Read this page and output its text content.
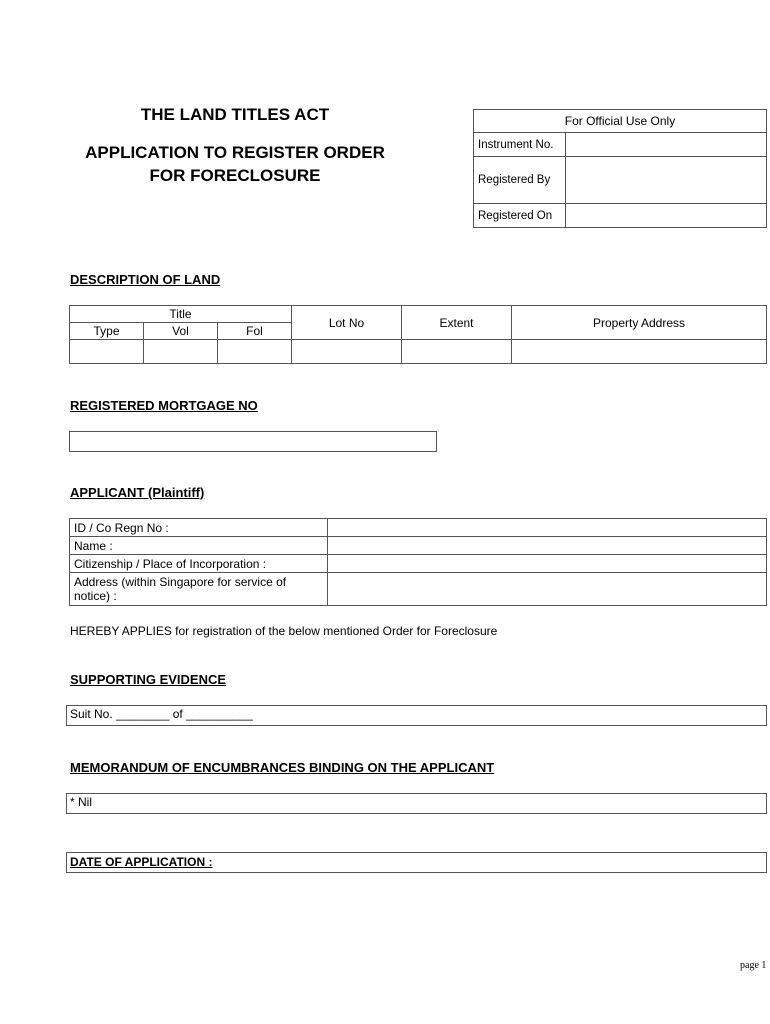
THE LAND TITLES ACT
APPLICATION TO REGISTER ORDER
FOR FORECLOSURE
For Official Use Only	
Instrument No.	
Registered By	
Registered On	
DESCRIPTION OF LAND
Title			Lot No	Extent	Property Address
Type	Vol	Fol			

REGISTERED MORTGAGE NO
APPLICANT (Plaintiff)
ID / Co Regn No :	
Name :	
Citizenship / Place of Incorporation :	
Address (within Singapore for service of notice) :	
HEREBY APPLIES for registration of the below mentioned Order for Foreclosure
SUPPORTING EVIDENCE
Suit No. ________ of __________
MEMORANDUM OF ENCUMBRANCES BINDING ON THE APPLICANT
* Nil
DATE OF APPLICATION :
page 1
